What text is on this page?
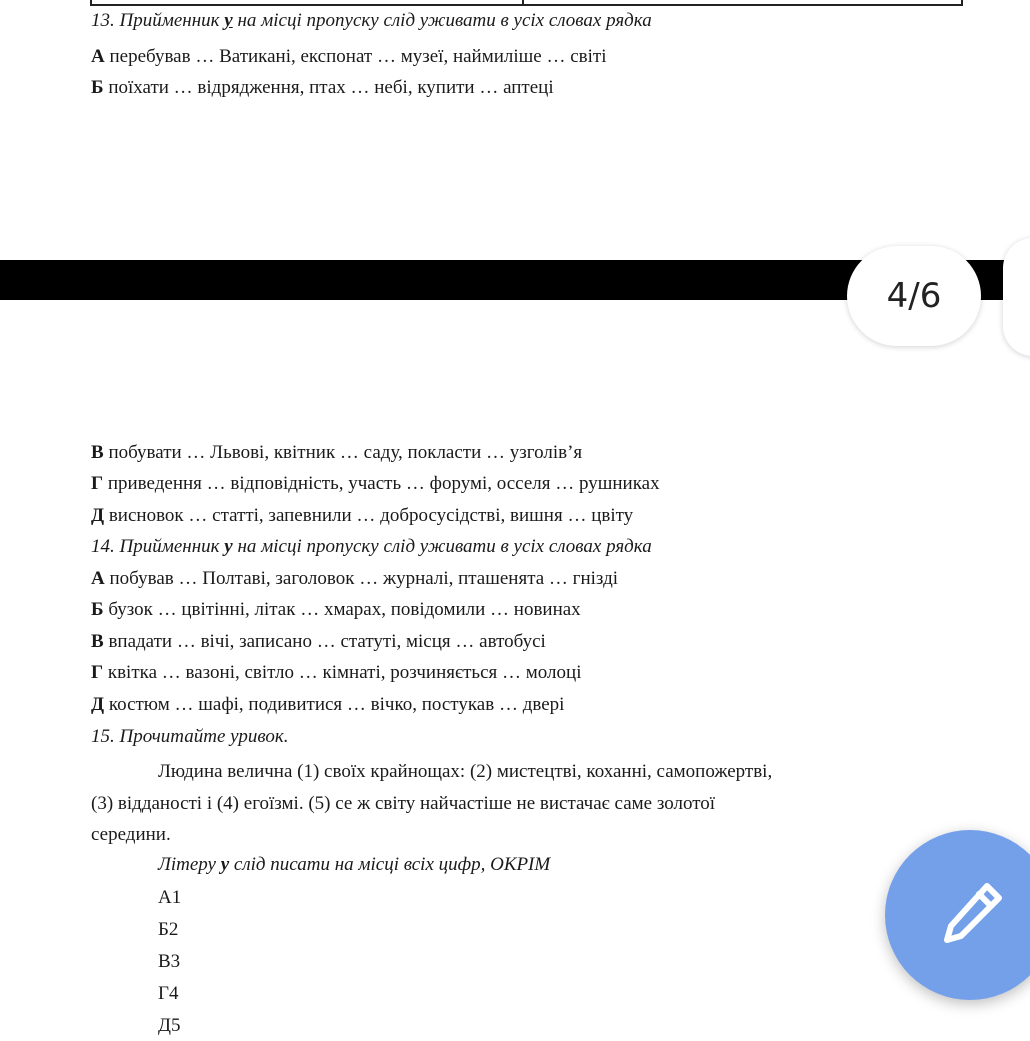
13. Прийменник у на місці пропуску слід уживати в усіх словах рядка
А перебував … Ватикані, експонат … музеї, наймиліше … світі
Б поїхати … відрядження, птах … небі, купити … аптеці
4/6
В побувати … Львові, квітник … саду, покласти … узголів’я
Г приведення … відповідність, участь … форумі, осселя … рушниках
Д висновок … статті, запевнили … добросусідстві, вишня … цвіту
14. Прийменник у на місці пропуску слід уживати в усіх словах рядка
А побував … Полтаві, заголовок … журналі, пташенята … гнізді
Б бузок … цвітінні, літак … хмарах, повідомили … новинах
В впадати … вічі, записано … статуті, місця … автобусі
Г квітка … вазоні, світло … кімнаті, розчиняється … молоці
Д костюм … шафі, подивитися … вічко, постукав … двері
15. Прочитайте уривок.
Людина велична (1) своїх крайнощах: (2) мистецтві, коханні, самопожертві,
(3) відданості і (4) егоїзмі. (5) се ж світу найчастіше не вистачає саме золотої
середини.
Літеру у слід писати на місці всіх цифр, ОКРІМ
А1
Б2
В3
Г4
Д5
